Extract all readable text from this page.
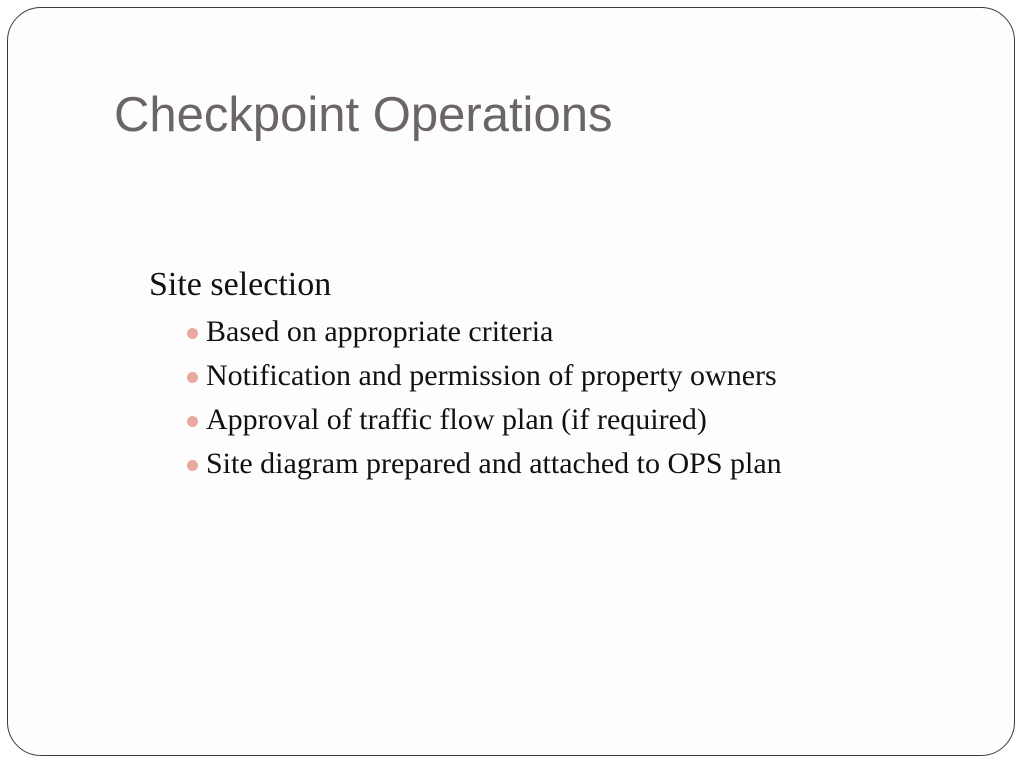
Checkpoint Operations

Site selection

Based on appropriate criteria
Notification and permission of property owners
Approval of traffic flow plan (if required)
Site diagram prepared and attached to OPS plan
